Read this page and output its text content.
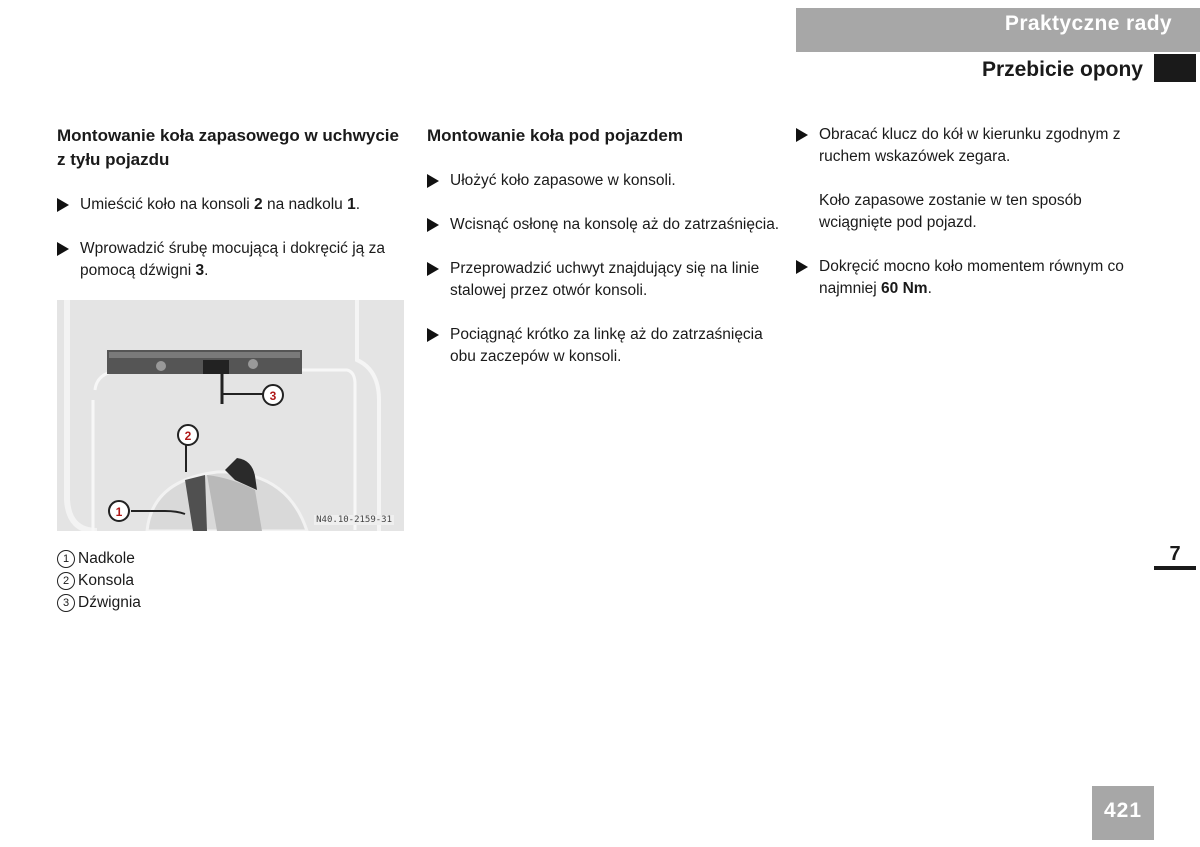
Praktyczne rady
Przebicie opony
Montowanie koła zapasowego w uchwycie z tyłu pojazdu
Umieścić koło na konsoli 2 na nadkolu 1.
Wprowadzić śrubę mocującą i dokręcić ją za pomocą dźwigni 3.
3
2
1
N40.10-2159-31
1 Nadkole
2 Konsola
3 Dźwignia
Montowanie koła pod pojazdem
Ułożyć koło zapasowe w konsoli.
Wcisnąć osłonę na konsolę aż do zatrzaśnięcia.
Przeprowadzić uchwyt znajdujący się na linie stalowej przez otwór konsoli.
Pociągnąć krótko za linkę aż do zatrzaśnięcia obu zaczepów w konsoli.
Obracać klucz do kół w kierunku zgodnym z ruchem wskazówek zegara.
Koło zapasowe zostanie w ten sposób wciągnięte pod pojazd.
Dokręcić mocno koło momentem równym co najmniej 60 Nm.
7
421
